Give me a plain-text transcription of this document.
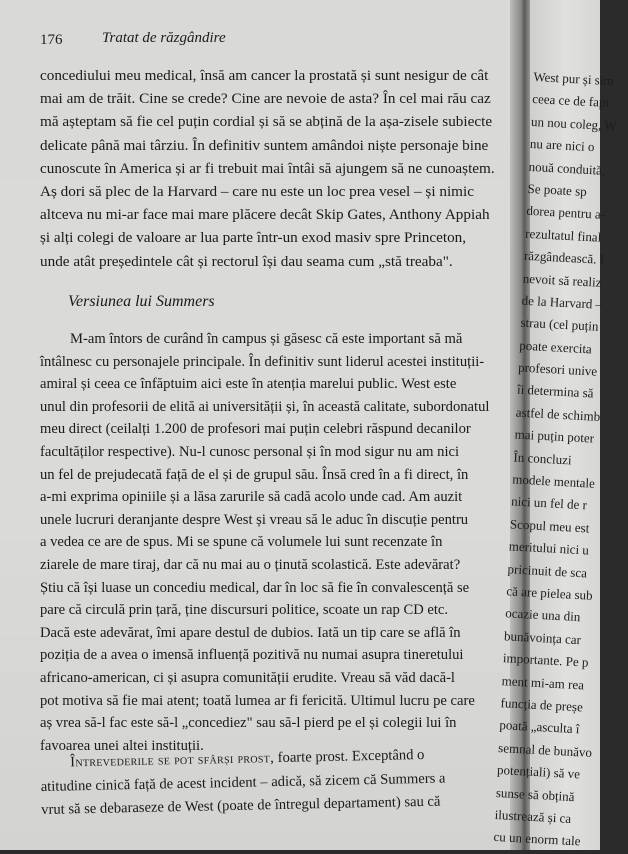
176	Tratat de răzgândire
concediului meu medical, însă am cancer la prostată și sunt nesigur de cât
mai am de trăit. Cine se crede? Cine are nevoie de asta? În cel mai rău caz
mă așteptam să fie cel puțin cordial și să se abțină de la așa-zisele subiecte
delicate până mai târziu. În definitiv suntem amândoi niște personaje bine
cunoscute în America și ar fi trebuit mai întâi să ajungem să ne cunoaștem.
Aș dori să plec de la Harvard – care nu este un loc prea vesel – și nimic
altceva nu mi-ar face mai mare plăcere decât Skip Gates, Anthony Appiah
și alți colegi de valoare ar lua parte într-un exod masiv spre Princeton,
unde atât președintele cât și rectorul își dau seama cum „stă treaba".
Versiunea lui Summers
M-am întors de curând în campus și găsesc că este important să mă
întâlnesc cu personajele principale. În definitiv sunt liderul acestei instituții-
amiral și ceea ce înfăptuim aici este în atenția marelui public. West este
unul din profesorii de elită ai universității și, în această calitate, subordonatul
meu direct (ceilalți 1.200 de profesori mai puțin celebri răspund decanilor
facultăților respective). Nu-l cunosc personal și în mod sigur nu am nici
un fel de prejudecată față de el și de grupul său. Însă cred în a fi direct, în
a-mi exprima opiniile și a lăsa zarurile să cadă acolo unde cad. Am auzit
unele lucruri deranjante despre West și vreau să le aduc în discuție pentru
a vedea ce are de spus. Mi se spune că volumele lui sunt recenzate în
ziarele de mare tiraj, dar că nu mai au o ținută scolastică. Este adevărat?
Știu că își luase un concediu medical, dar în loc să fie în convalescență se
pare că circulă prin țară, ține discursuri politice, scoate un rap CD etc.
Dacă este adevărat, îmi apare destul de dubios. Iată un tip care se află în
poziția de a avea o imensă influență pozitivă nu numai asupra tineretului
africano-american, ci și asupra comunității erudite. Vreau să văd dacă-l
pot motiva să fie mai atent; toată lumea ar fi fericită. Ultimul lucru pe care
aș vrea să-l fac este să-l „concediez" sau să-l pierd pe el și colegii lui în
favoarea unei altei instituții.
Întrevederile se pot sfârși prost, foarte prost. Exceptând o
atitudine cinică față de acest incident – adică, să zicem că Summers a
vrut să se debaraseze de West (poate de întregul departament) sau că
West pur și sim
ceea ce de fapt
un nou coleg, W
nu are nici o
nouă conduită,
Se poate sp
dorea pentru a-
rezultatul final
răzgândească. I
nevoit să realiz
de la Harvard –
strau (cel puțin
poate exercita
profesori unive
îi determina să
astfel de schimb
mai puțin poter
În concluzi
modele mentale
nici un fel de r
Scopul meu est
meritului nici u
pricinuit de sca
că are pielea sub
ocazie una din
bunăvoința car
importante. Pe p
ment mi-am rea
funcția de preșe
poată „asculta î
semnal de bunăvo
potențiali) să ve
sunse să obțină
ilustrează și ca
cu un enorm tale
